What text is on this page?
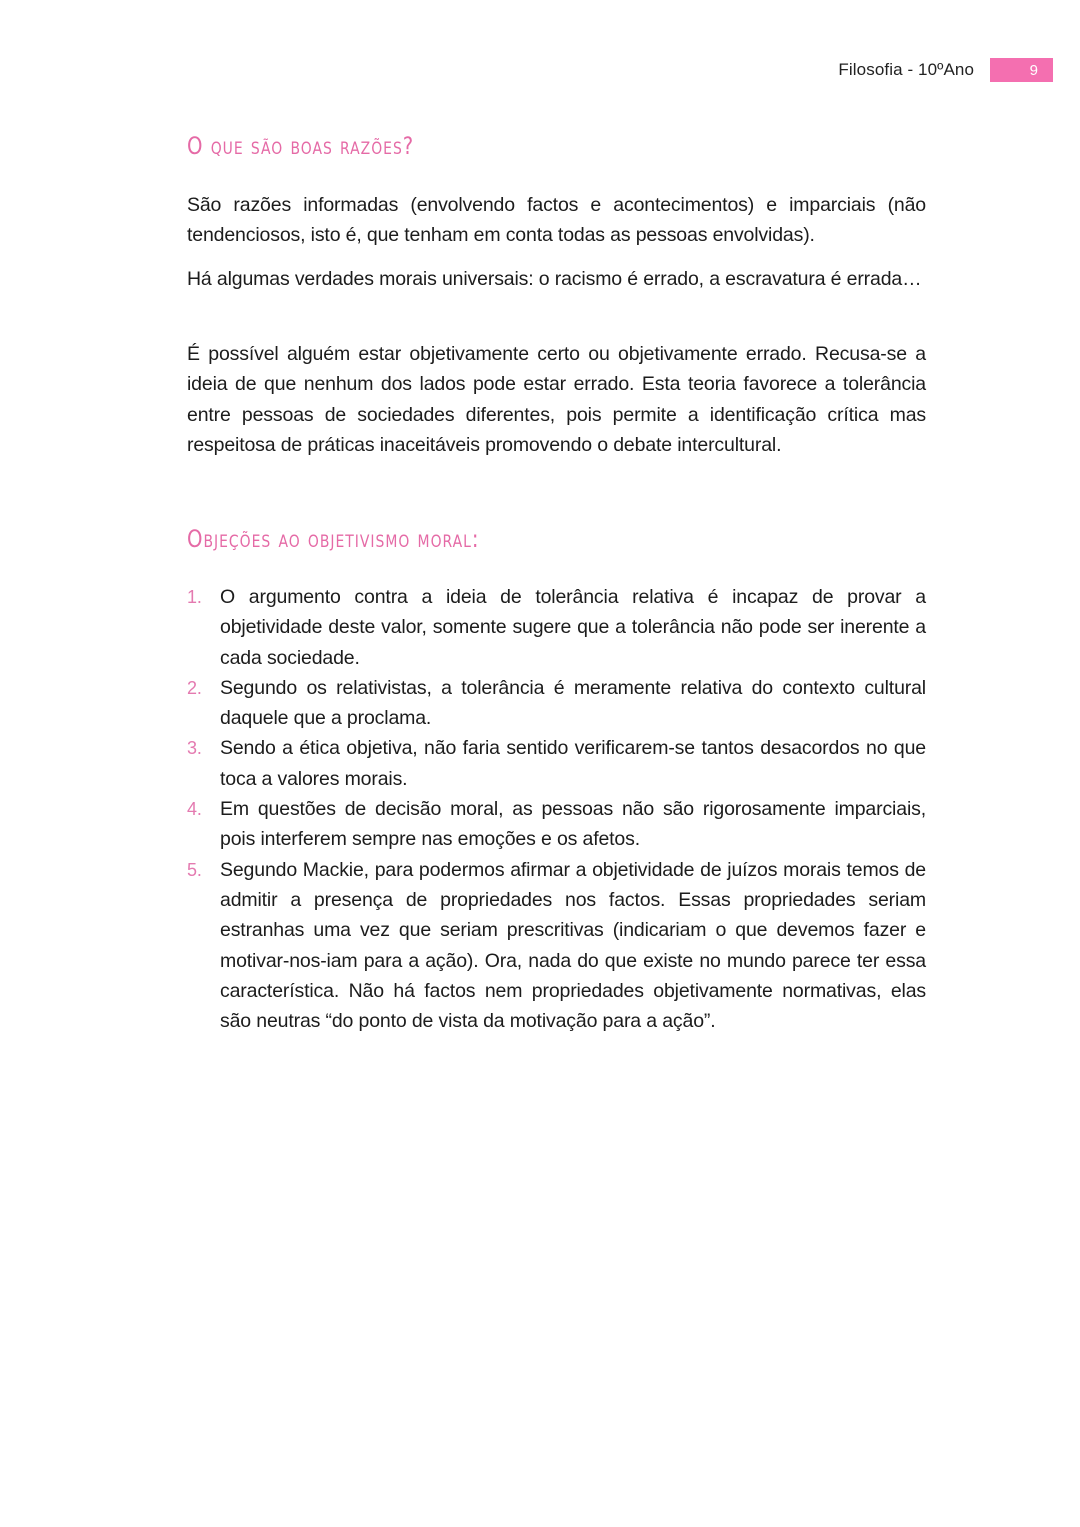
Filosofia - 10ºAno	9
O que são boas razões?

São razões informadas (envolvendo factos e acontecimentos) e imparciais (não tendenciosos, isto é, que tenham em conta todas as pessoas envolvidas).

Há algumas verdades morais universais: o racismo é errado, a escravatura é errada…

É possível alguém estar objetivamente certo ou objetivamente errado. Recusa-se a ideia de que nenhum dos lados pode estar errado. Esta teoria favorece a tolerância entre pessoas de sociedades diferentes, pois permite a identificação crítica mas respeitosa de práticas inaceitáveis promovendo o debate intercultural.

Objeções ao objetivismo moral:
1. O argumento contra a ideia de tolerância relativa é incapaz de provar a objetividade deste valor, somente sugere que a tolerância não pode ser inerente a cada sociedade.
2. Segundo os relativistas, a tolerância é meramente relativa do contexto cultural daquele que a proclama.
3. Sendo a ética objetiva, não faria sentido verificarem-se tantos desacordos no que toca a valores morais.
4. Em questões de decisão moral, as pessoas não são rigorosamente imparciais, pois interferem sempre nas emoções e os afetos.
5. Segundo Mackie, para podermos afirmar a objetividade de juízos morais temos de admitir a presença de propriedades nos factos. Essas propriedades seriam estranhas uma vez que seriam prescritivas (indicariam o que devemos fazer e motivar-nos-iam para a ação). Ora, nada do que existe no mundo parece ter essa característica. Não há factos nem propriedades objetivamente normativas, elas são neutras “do ponto de vista da motivação para a ação”.
